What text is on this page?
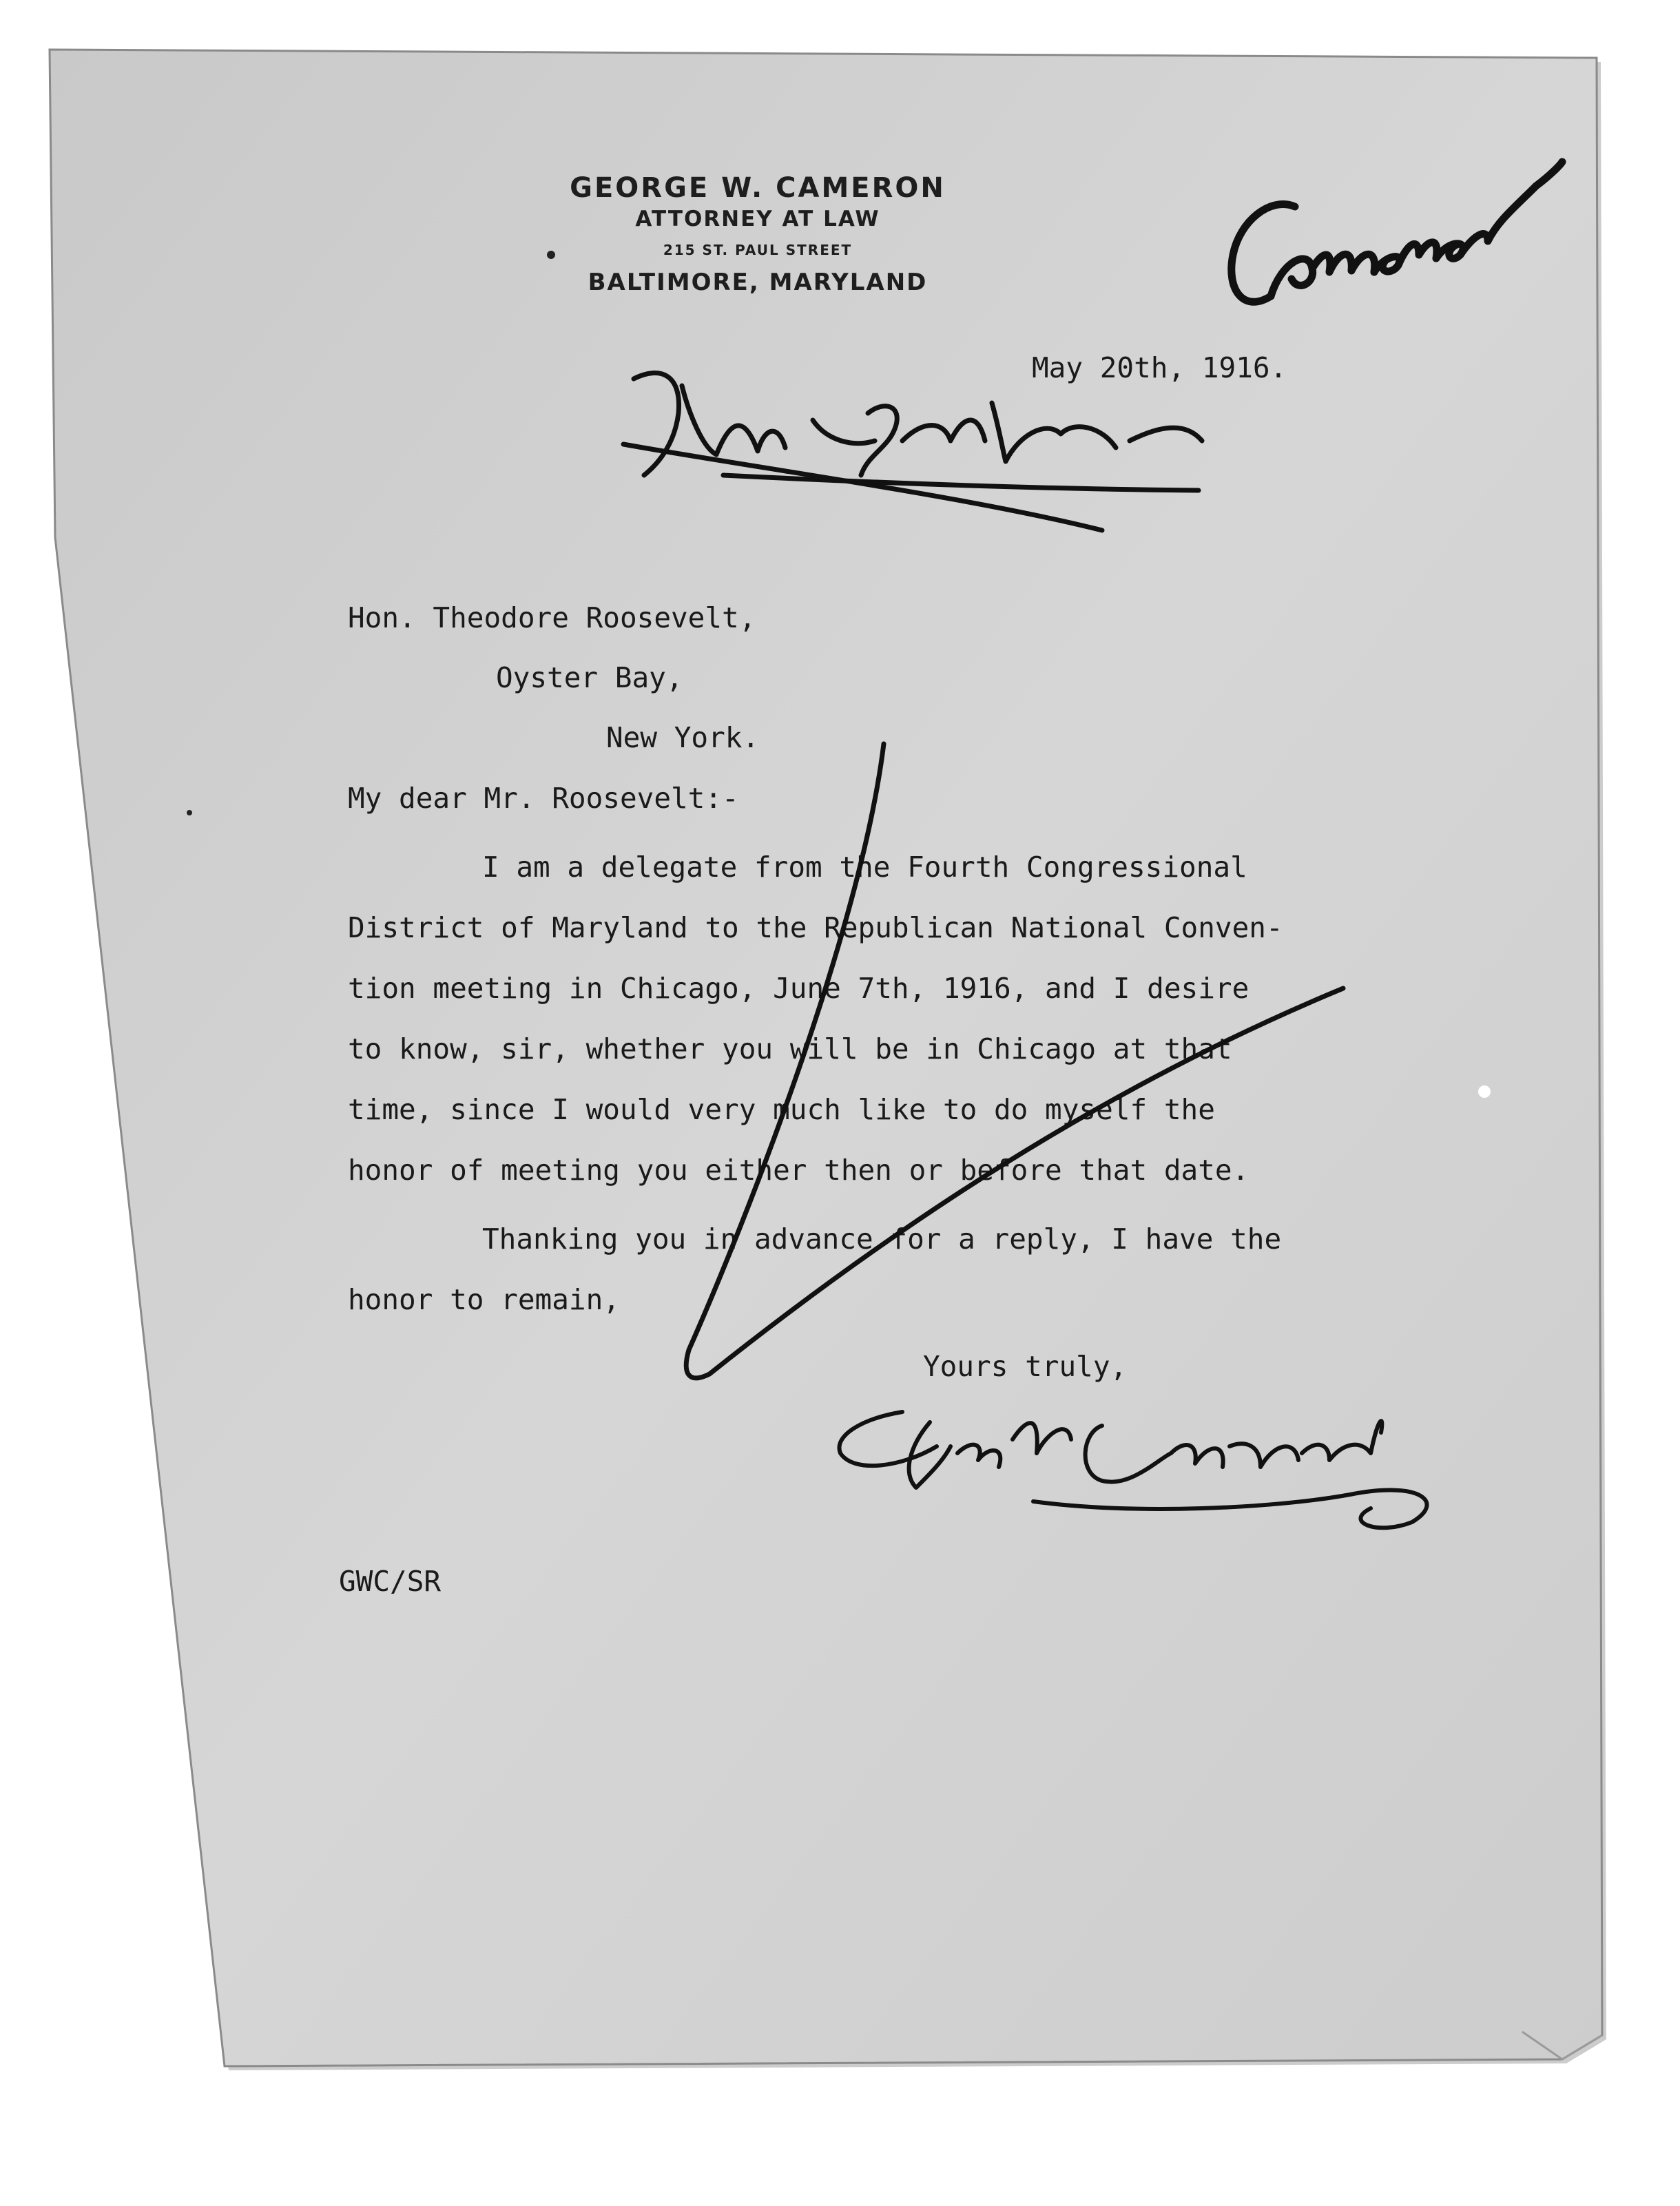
GEORGE W. CAMERON
ATTORNEY AT LAW
215 ST. PAUL STREET
BALTIMORE, MARYLAND
May 20th, 1916.
Hon. Theodore Roosevelt,
Oyster Bay,
New York.
My dear Mr. Roosevelt:-
I am a delegate from the Fourth Congressional
District of Maryland to the Republican National Conven-
tion meeting in Chicago, June 7th, 1916, and I desire
to know, sir, whether you will be in Chicago at that
time, since I would very much like to do myself the
honor of meeting you either then or before that date.
Thanking you in advance for a reply, I have the
honor to remain,
Yours truly,
GWC/SR
